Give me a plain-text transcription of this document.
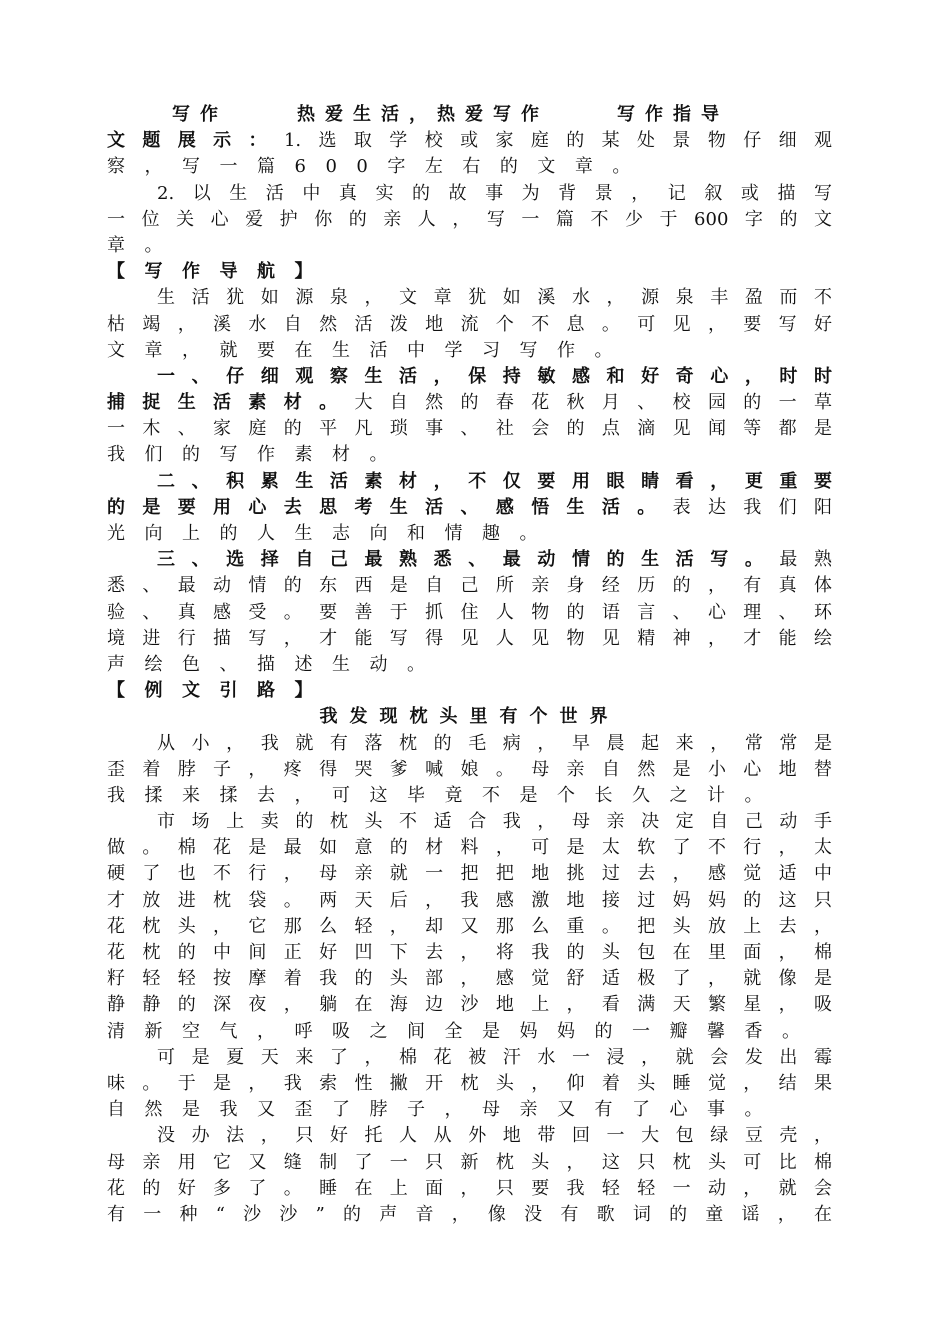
写作	热爱生活，热爱写作	写作指导
文题展示：1.选取学校或家庭的某处景物仔细观
察，写一篇600字左右的文章。
2.以生活中真实的故事为背景，记叙或描写
一位关心爱护你的亲人，写一篇不少于600字的文
章。
【写作导航】
生活犹如源泉，文章犹如溪水，源泉丰盈而不
枯竭，溪水自然活泼地流个不息。可见，要写好
文章，就要在生活中学习写作。
一、仔细观察生活，保持敏感和好奇心，时时
捕捉生活素材。大自然的春花秋月、校园的一草
一木、家庭的平凡琐事、社会的点滴见闻等都是
我们的写作素材。
二、积累生活素材，不仅要用眼睛看，更重要
的是要用心去思考生活、感悟生活。表达我们阳
光向上的人生志向和情趣。
三、选择自己最熟悉、最动情的生活写。最熟
悉、最动情的东西是自己所亲身经历的，有真体
验、真感受。要善于抓住人物的语言、心理、环
境进行描写，才能写得见人见物见精神，才能绘
声绘色、描述生动。
【例文引路】
我发现枕头里有个世界
从小，我就有落枕的毛病，早晨起来，常常是
歪着脖子，疼得哭爹喊娘。母亲自然是小心地替
我揉来揉去，可这毕竟不是个长久之计。
市场上卖的枕头不适合我，母亲决定自己动手
做。棉花是最如意的材料，可是太软了不行，太
硬了也不行，母亲就一把把地挑过去，感觉适中
才放进枕袋。两天后，我感激地接过妈妈的这只
花枕头，它那么轻，却又那么重。把头放上去，
花枕的中间正好凹下去，将我的头包在里面，棉
籽轻轻按摩着我的头部，感觉舒适极了，就像是
静静的深夜，躺在海边沙地上，看满天繁星，吸
清新空气，呼吸之间全是妈妈的一瓣馨香。
可是夏天来了，棉花被汗水一浸，就会发出霉
味。于是，我索性撇开枕头，仰着头睡觉，结果
自然是我又歪了脖子，母亲又有了心事。
没办法，只好托人从外地带回一大包绿豆壳，
母亲用它又缝制了一只新枕头，这只枕头可比棉
花的好多了。睡在上面，只要我轻轻一动，就会
有一种“沙沙”的声音，像没有歌词的童谣，在
